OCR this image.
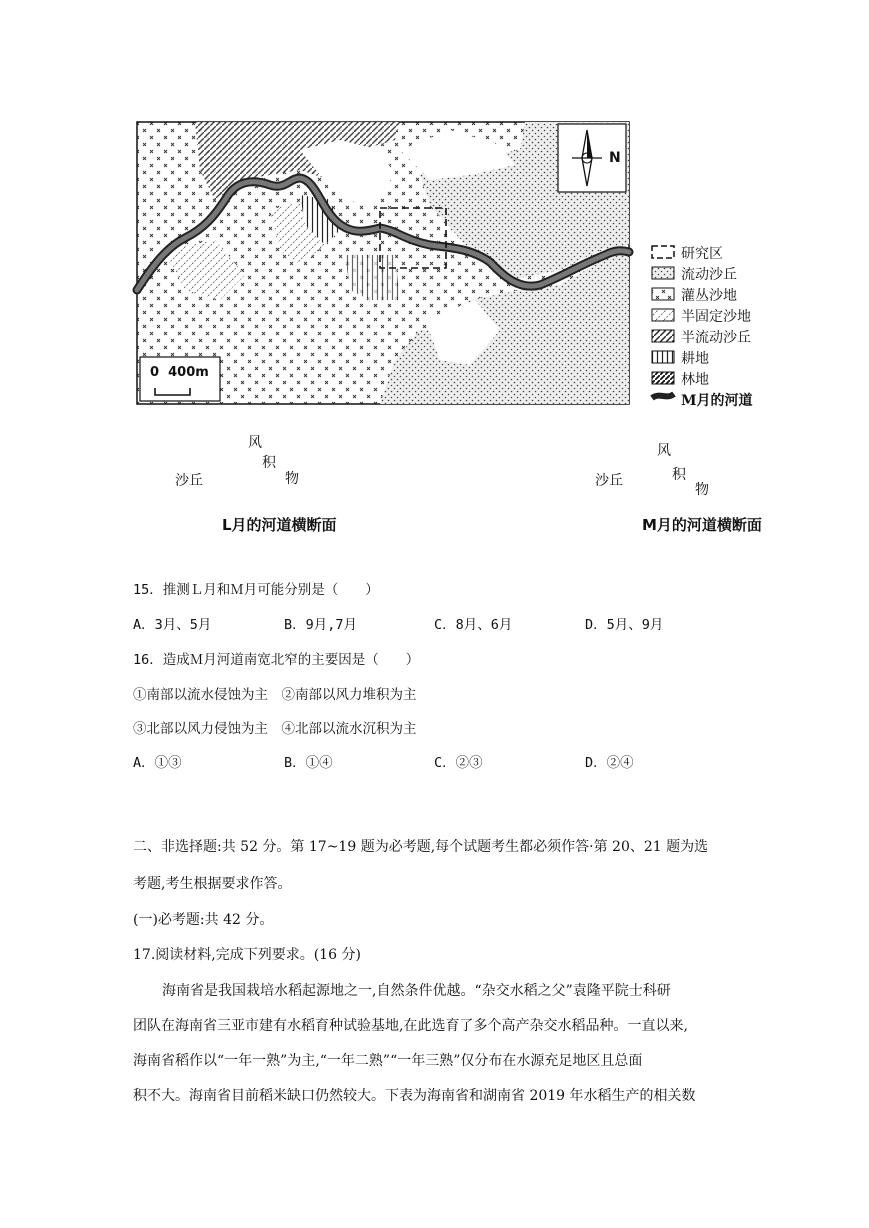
N
0  400m
研究区
流动沙丘
灌丛沙地
半固定沙地
半流动沙丘
耕地
林地
M月的河道
沙丘
风
积
物
L月的河道横断面
沙丘
风
积
物
M月的河道横断面
15．推测Ｌ月和Ｍ月可能分别是（　　）
A．3月、5月	B．9月,7月	C．8月、6月	D．5月、9月
16．造成Ｍ月河道南宽北窄的主要因是（　　）
①南部以流水侵蚀为主　②南部以风力堆积为主
③北部以风力侵蚀为主　④北部以流水沉积为主
A．①③	B．①④	C．②③	D．②④
二、非选择题:共 52 分。第 17~19 题为必考题,每个试题考生都必须作答·第 20、21 题为选
考题,考生根据要求作答。
(一)必考题:共 42 分。
17.阅读材料,完成下列要求。(16 分)
海南省是我国栽培水稻起源地之一,自然条件优越。“杂交水稻之父”袁隆平院士科研
团队在海南省三亚市建有水稻育种试验基地,在此选育了多个高产杂交水稻品种。一直以来,
海南省稻作以“一年一熟”为主,“一年二熟”“一年三熟”仅分布在水源充足地区且总面
积不大。海南省目前稻米缺口仍然较大。下表为海南省和湖南省 2019 年水稻生产的相关数
